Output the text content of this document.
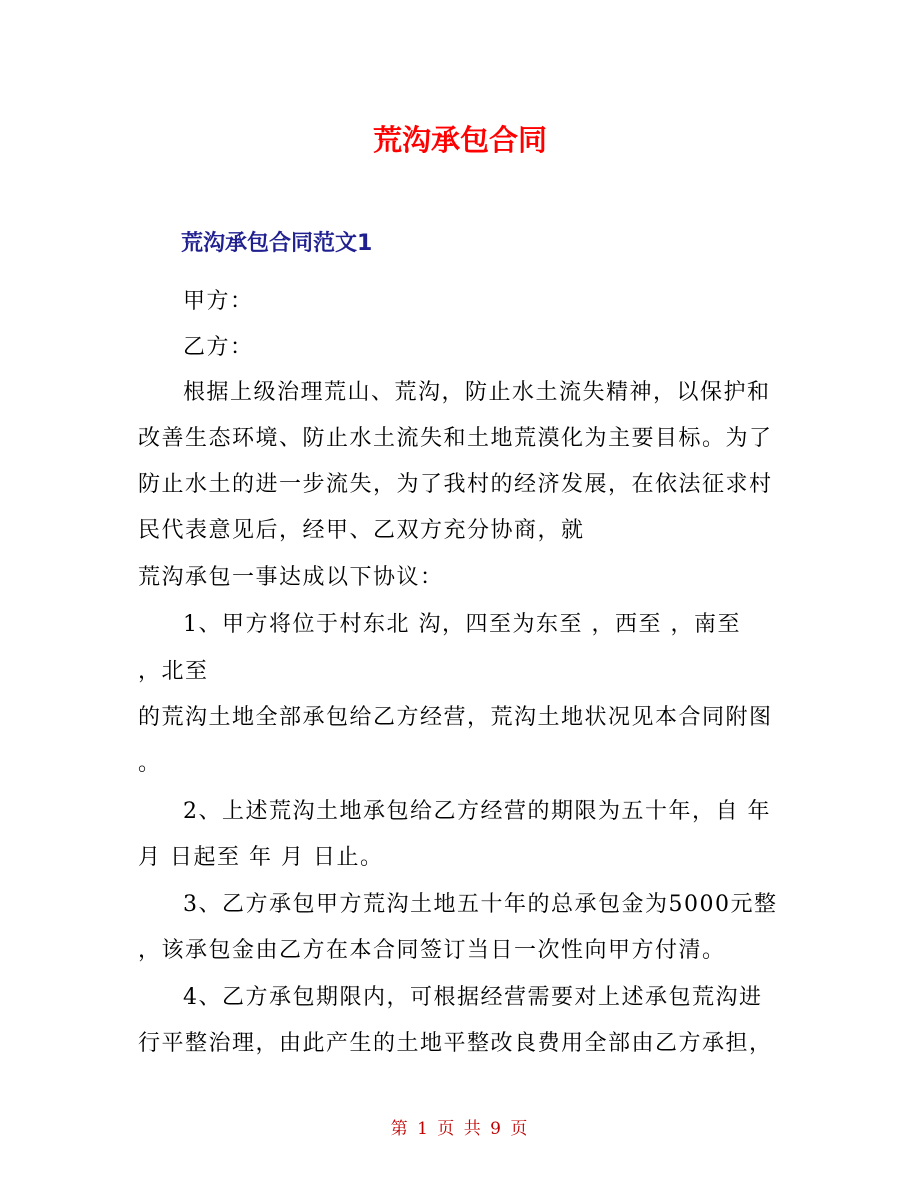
荒沟承包合同
荒沟承包合同范文1

甲方：

乙方：

根据上级治理荒山、荒沟，防止水土流失精神，以保护和

改善生态环境、防止水土流失和土地荒漠化为主要目标。为了

防止水土的进一步流失，为了我村的经济发展，在依法征求村

民代表意见后，经甲、乙双方充分协商，就

荒沟承包一事达成以下协议：

1、甲方将位于村东北 沟，四至为东至 ，西至 ，南至

，北至

的荒沟土地全部承包给乙方经营，荒沟土地状况见本合同附图

。

2、上述荒沟土地承包给乙方经营的期限为五十年，自 年

月 日起至 年 月 日止。

3、乙方承包甲方荒沟土地五十年的总承包金为5000元整

，该承包金由乙方在本合同签订当日一次性向甲方付清。

4、乙方承包期限内，可根据经营需要对上述承包荒沟进

行平整治理，由此产生的土地平整改良费用全部由乙方承担，

第 1 页 共 9 页
